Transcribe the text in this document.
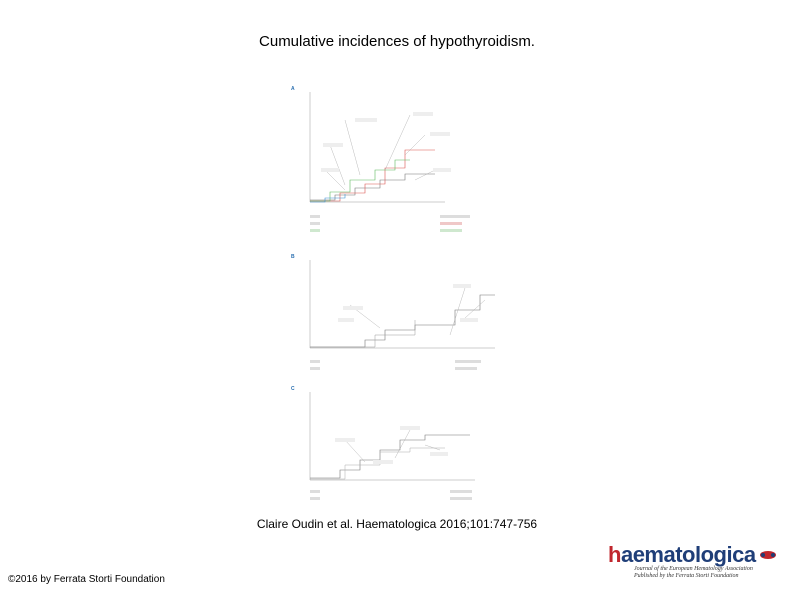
Cumulative incidences of hypothyroidism.
A
B
C
Claire Oudin et al. Haematologica 2016;101:747-756
©2016 by Ferrata Storti Foundation
haematologica
Journal of the European Hematology Association
Published by the Ferrata Storti Foundation
